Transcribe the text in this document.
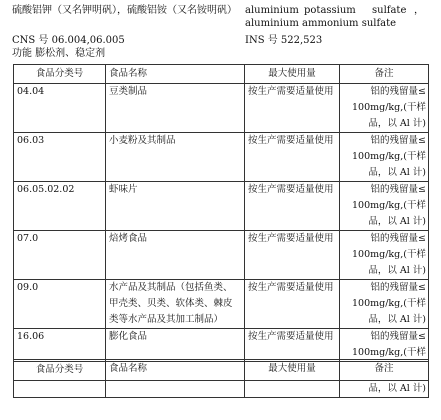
硫酸铝钾（又名钾明矾），硫酸铝铵（又名铵明矾） aluminium potassium sulfate ，
aluminium ammonium sulfate
CNS 号 06.004,06.005	INS 号 522,523
功能 膨松剂、稳定剂
食品分类号	食品名称	最大使用量	备注
04.04	豆类制品	按生产需要适量使用	铝的残留量≤
100mg/kg,(干样
品，以 Al 计)
06.03	小麦粉及其制品	按生产需要适量使用	铝的残留量≤
100mg/kg,(干样
品，以 Al 计)
06.05.02.02	虾味片	按生产需要适量使用	铝的残留量≤
100mg/kg,(干样
品，以 Al 计)
07.0	焙烤食品	按生产需要适量使用	铝的残留量≤
100mg/kg,(干样
品，以 Al 计)
09.0	水产品及其制品（包括鱼类、
甲壳类、贝类、软体类、棘皮
类等水产品及其加工制品）	按生产需要适量使用	铝的残留量≤
100mg/kg,(干样
品，以 Al 计)
16.06	膨化食品	按生产需要适量使用	铝的残留量≤
100mg/kg,(干样
食品分类号	食品名称	最大使用量	备注
			品，以 Al 计)
